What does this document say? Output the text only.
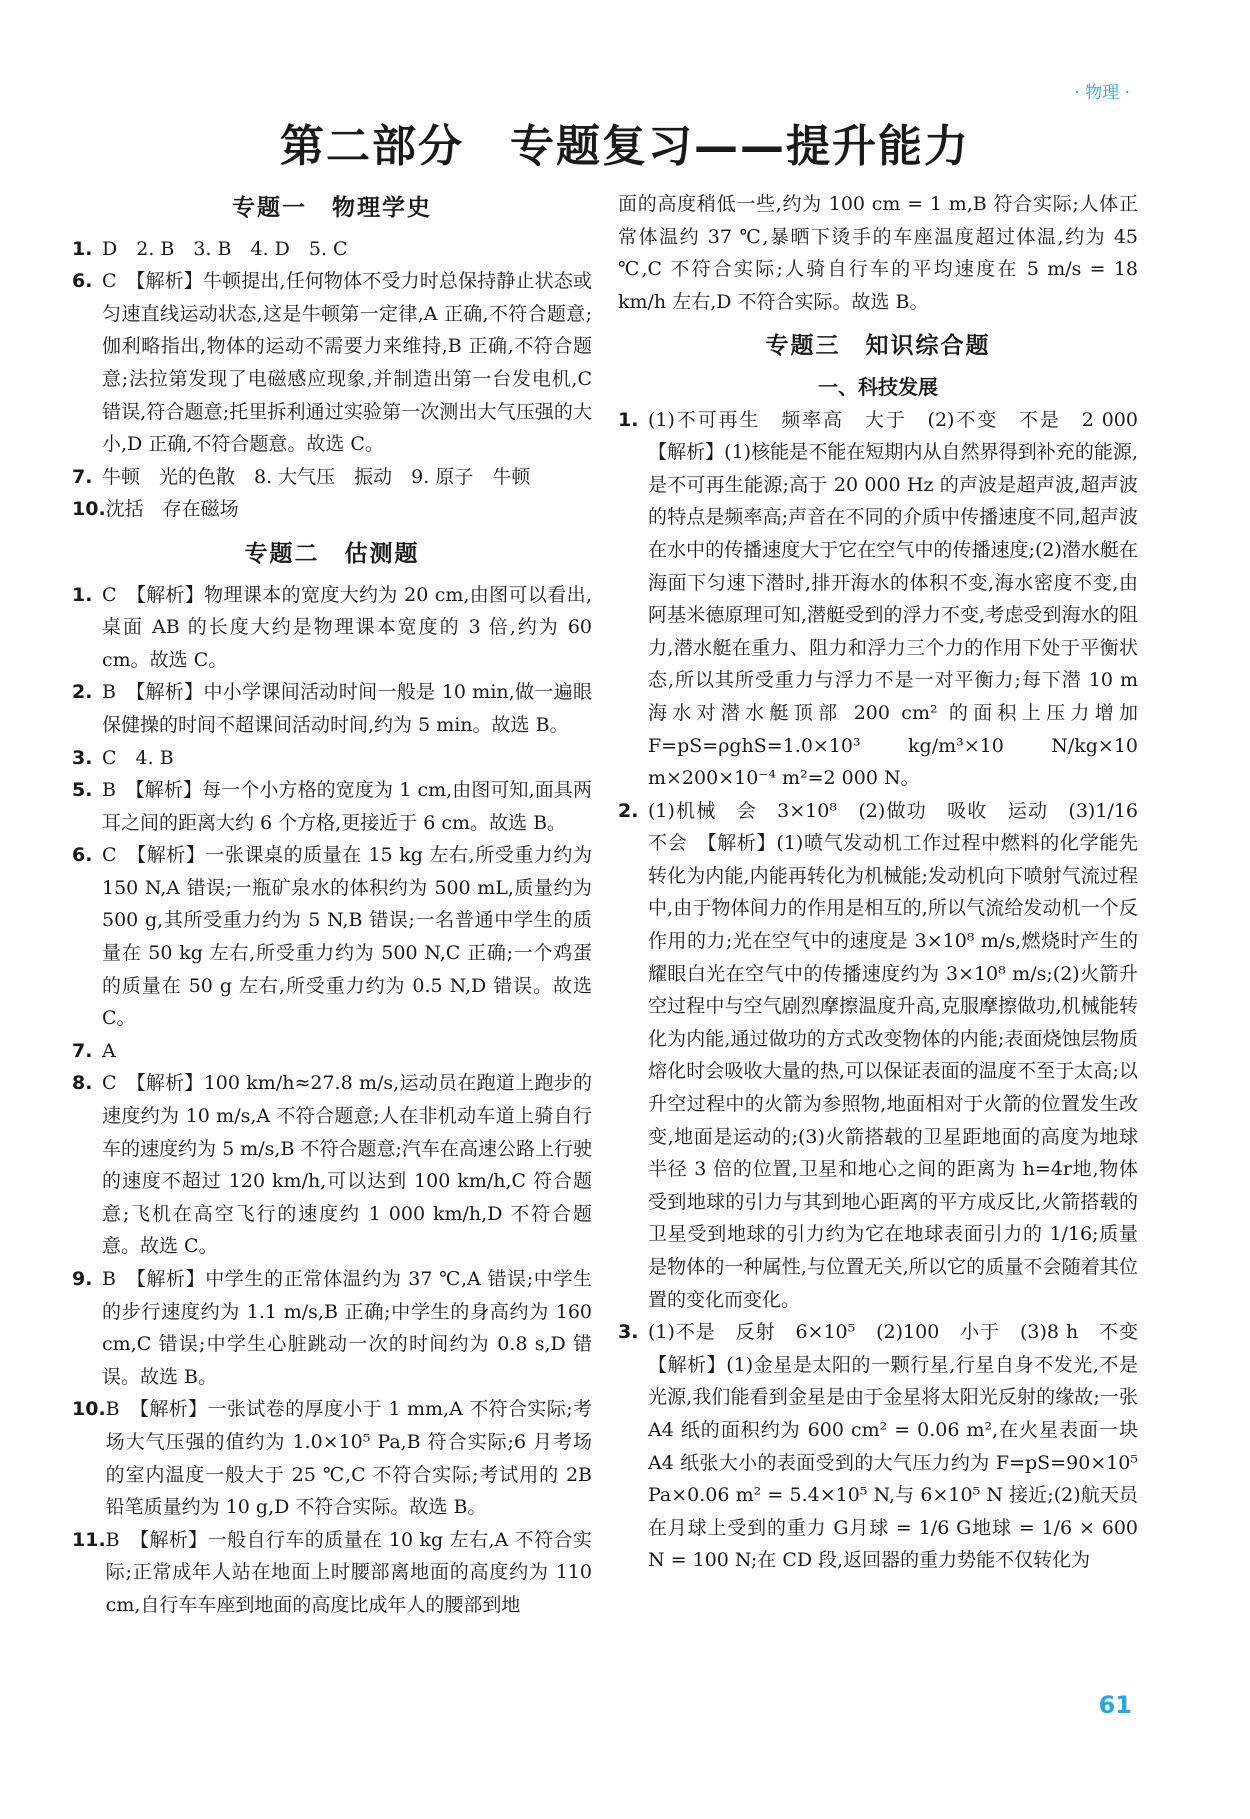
· 物理 ·
第二部分　专题复习——提升能力
专题一　物理学史
1. D　2. B　3. B　4. D　5. C
6. C　【解析】牛顿提出,任何物体不受力时总保持静止状态或匀速直线运动状态,这是牛顿第一定律,A 正确,不符合题意;伽利略指出,物体的运动不需要力来维持,B 正确,不符合题意;法拉第发现了电磁感应现象,并制造出第一台发电机,C 错误,符合题意;托里拆利通过实验第一次测出大气压强的大小,D 正确,不符合题意。故选 C。
7. 牛顿　光的色散　8. 大气压　振动　9. 原子　牛顿
10. 沈括　存在磁场
专题二　估测题
1. C　【解析】物理课本的宽度大约为 20 cm,由图可以看出,桌面 AB 的长度大约是物理课本宽度的 3 倍,约为 60 cm。故选 C。
2. B　【解析】中小学课间活动时间一般是 10 min,做一遍眼保健操的时间不超课间活动时间,约为 5 min。故选 B。
3. C　4. B
5. B　【解析】每一个小方格的宽度为 1 cm,由图可知,面具两耳之间的距离大约 6 个方格,更接近于 6 cm。故选 B。
6. C　【解析】一张课桌的质量在 15 kg 左右,所受重力约为 150 N,A 错误;一瓶矿泉水的体积约为 500 mL,质量约为 500 g,其所受重力约为 5 N,B 错误;一名普通中学生的质量在 50 kg 左右,所受重力约为 500 N,C 正确;一个鸡蛋的质量在 50 g 左右,所受重力约为 0.5 N,D 错误。故选 C。
7. A
8. C　【解析】100 km/h≈27.8 m/s,运动员在跑道上跑步的速度约为 10 m/s,A 不符合题意;人在非机动车道上骑自行车的速度约为 5 m/s,B 不符合题意;汽车在高速公路上行驶的速度不超过 120 km/h,可以达到 100 km/h,C 符合题意;飞机在高空飞行的速度约 1 000 km/h,D 不符合题意。故选 C。
9. B　【解析】中学生的正常体温约为 37 ℃,A 错误;中学生的步行速度约为 1.1 m/s,B 正确;中学生的身高约为 160 cm,C 错误;中学生心脏跳动一次的时间约为 0.8 s,D 错误。故选 B。
10. B　【解析】一张试卷的厚度小于 1 mm,A 不符合实际;考场大气压强的值约为 1.0×10⁵ Pa,B 符合实际;6 月考场的室内温度一般大于 25 ℃,C 不符合实际;考试用的 2B 铅笔质量约为 10 g,D 不符合实际。故选 B。
11. B　【解析】一般自行车的质量在 10 kg 左右,A 不符合实际;正常成年人站在地面上时腰部离地面的高度约为 110 cm,自行车车座到地面的高度比成年人的腰部到地

面的高度稍低一些,约为 100 cm = 1 m,B 符合实际;人体正常体温约 37 ℃,暴晒下烫手的车座温度超过体温,约为 45 ℃,C 不符合实际;人骑自行车的平均速度在 5 m/s = 18 km/h 左右,D 不符合实际。故选 B。

专题三　知识综合题
一、科技发展
1. (1)不可再生　频率高　大于　(2)不变　不是　2 000　【解析】(1)核能是不能在短期内从自然界得到补充的能源,是不可再生能源;高于 20 000 Hz 的声波是超声波,超声波的特点是频率高;声音在不同的介质中传播速度不同,超声波在水中的传播速度大于它在空气中的传播速度;(2)潜水艇在海面下匀速下潜时,排开海水的体积不变,海水密度不变,由阿基米德原理可知,潜艇受到的浮力不变,考虑受到海水的阻力,潜水艇在重力、阻力和浮力三个力的作用下处于平衡状态,所以其所受重力与浮力不是一对平衡力;每下潜 10 m 海水对潜水艇顶部 200 cm² 的面积上压力增加 F=pS=ρghS=1.0×10³ kg/m³×10 N/kg×10 m×200×10⁻⁴ m²=2 000 N。
2. (1)机械　会　3×10⁸　(2)做功　吸收　运动　(3)1/16　不会　【解析】(1)喷气发动机工作过程中燃料的化学能先转化为内能,内能再转化为机械能;发动机向下喷射气流过程中,由于物体间力的作用是相互的,所以气流给发动机一个反作用的力;光在空气中的速度是 3×10⁸ m/s,燃烧时产生的耀眼白光在空气中的传播速度约为 3×10⁸ m/s;(2)火箭升空过程中与空气剧烈摩擦温度升高,克服摩擦做功,机械能转化为内能,通过做功的方式改变物体的内能;表面烧蚀层物质熔化时会吸收大量的热,可以保证表面的温度不至于太高;以升空过程中的火箭为参照物,地面相对于火箭的位置发生改变,地面是运动的;(3)火箭搭载的卫星距地面的高度为地球半径 3 倍的位置,卫星和地心之间的距离为 h=4r地,物体受到地球的引力与其到地心距离的平方成反比,火箭搭载的卫星受到地球的引力约为它在地球表面引力的 1/16;质量是物体的一种属性,与位置无关,所以它的质量不会随着其位置的变化而变化。
3. (1)不是　反射　6×10⁵　(2)100　小于　(3)8 h　不变　【解析】(1)金星是太阳的一颗行星,行星自身不发光,不是光源,我们能看到金星是由于金星将太阳光反射的缘故;一张 A4 纸的面积约为 600 cm² = 0.06 m²,在火星表面一块 A4 纸张大小的表面受到的大气压力约为 F=pS=90×10⁵ Pa×0.06 m² = 5.4×10⁵ N,与 6×10⁵ N 接近;(2)航天员在月球上受到的重力 G月球 = 1/6 G地球 = 1/6 × 600 N = 100 N;在 CD 段,返回器的重力势能不仅转化为
61
